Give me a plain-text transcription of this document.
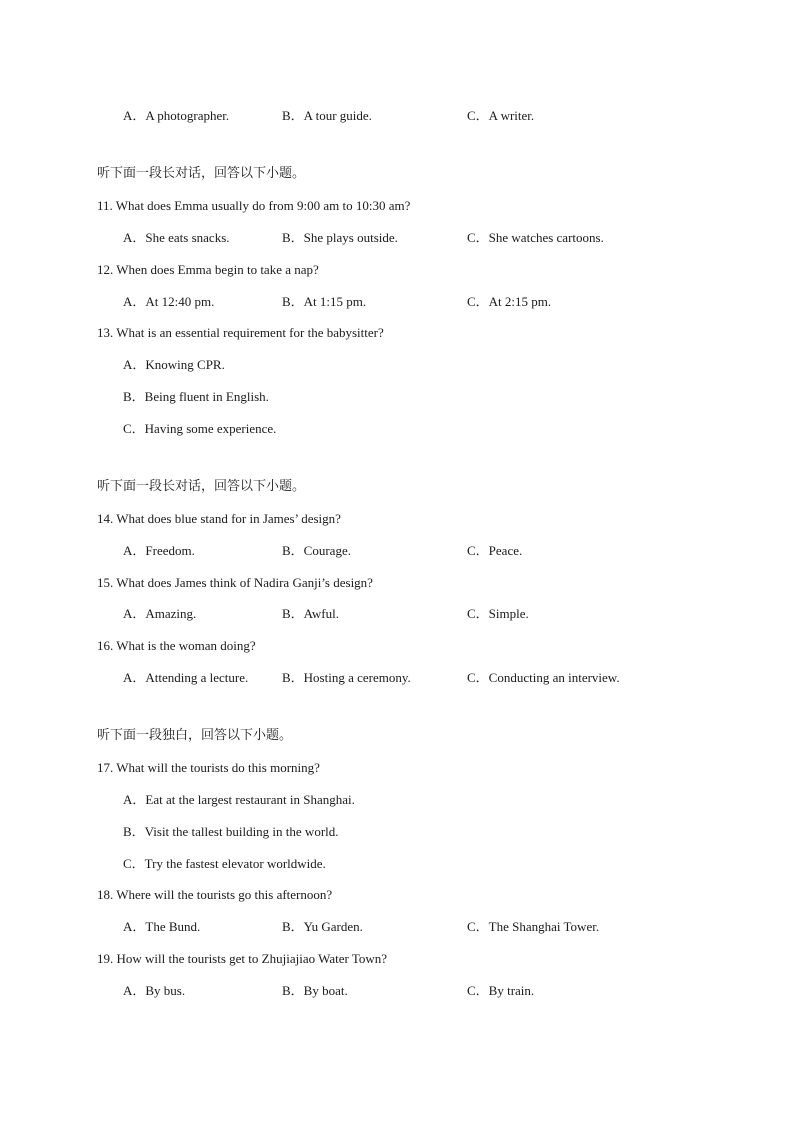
A．A photographer.	B．A tour guide.	C．A writer.
听下面一段长对话，回答以下小题。
11. What does Emma usually do from 9:00 am to 10:30 am?
A．She eats snacks.	B．She plays outside.	C．She watches cartoons.
12. When does Emma begin to take a nap?
A．At 12:40 pm.	B．At 1:15 pm.	C．At 2:15 pm.
13. What is an essential requirement for the babysitter?
A．Knowing CPR.
B．Being fluent in English.
C．Having some experience.
听下面一段长对话，回答以下小题。
14. What does blue stand for in James’ design?
A．Freedom.	B．Courage.	C．Peace.
15. What does James think of Nadira Ganji’s design?
A．Amazing.	B．Awful.	C．Simple.
16. What is the woman doing?
A．Attending a lecture.	B．Hosting a ceremony.	C．Conducting an interview.
听下面一段独白，回答以下小题。
17. What will the tourists do this morning?
A．Eat at the largest restaurant in Shanghai.
B．Visit the tallest building in the world.
C．Try the fastest elevator worldwide.
18. Where will the tourists go this afternoon?
A．The Bund.	B．Yu Garden.	C．The Shanghai Tower.
19. How will the tourists get to Zhujiajiao Water Town?
A．By bus.	B．By boat.	C．By train.
